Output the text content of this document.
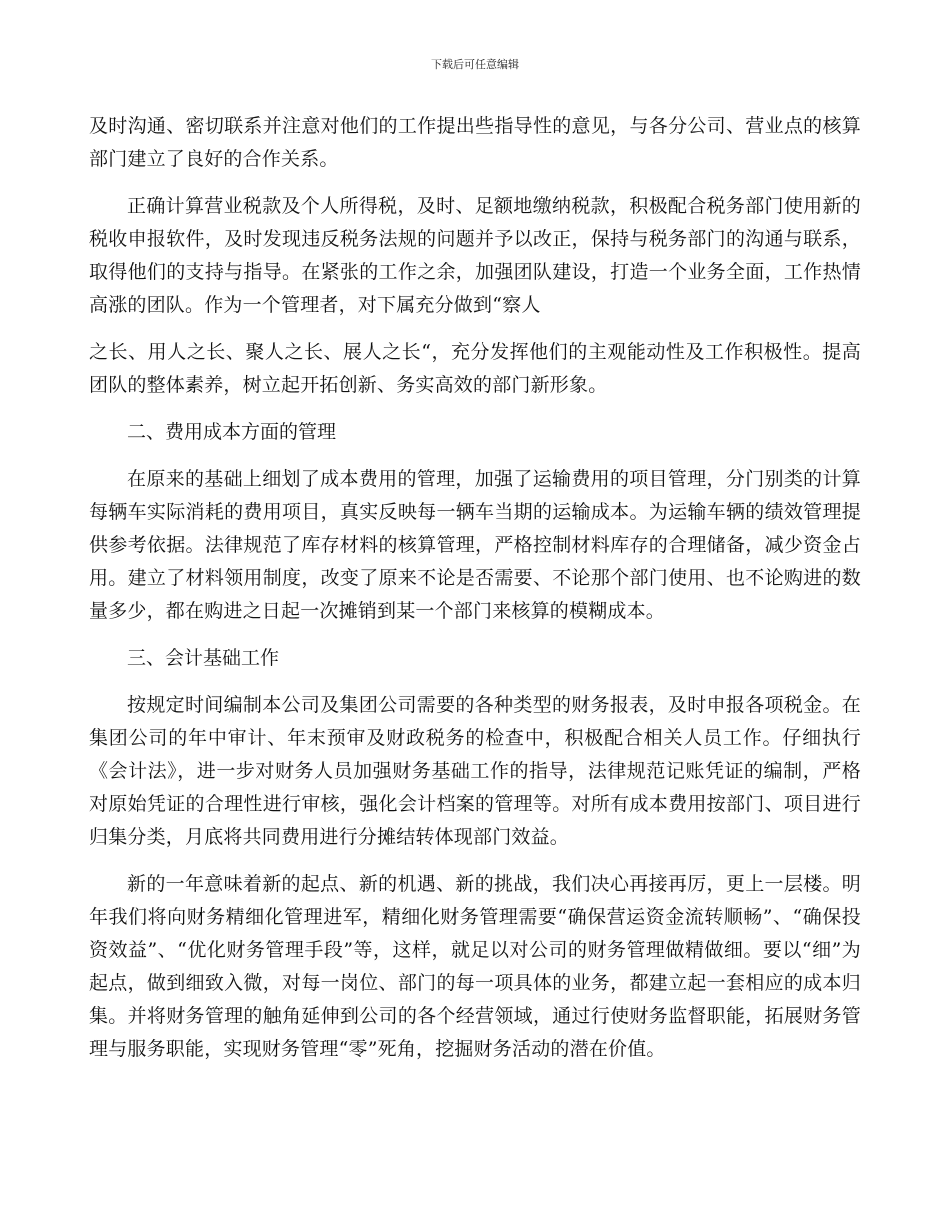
下载后可任意编辑

及时沟通、密切联系并注意对他们的工作提出些指导性的意见，与各分公司、营业点的核算部门建立了良好的合作关系。

正确计算营业税款及个人所得税，及时、足额地缴纳税款，积极配合税务部门使用新的税收申报软件，及时发现违反税务法规的问题并予以改正，保持与税务部门的沟通与联系，取得他们的支持与指导。在紧张的工作之余，加强团队建设，打造一个业务全面，工作热情高涨的团队。作为一个管理者，对下属充分做到“察人

之长、用人之长、聚人之长、展人之长“，充分发挥他们的主观能动性及工作积极性。提高团队的整体素养，树立起开拓创新、务实高效的部门新形象。

二、费用成本方面的管理

在原来的基础上细划了成本费用的管理，加强了运输费用的项目管理，分门别类的计算每辆车实际消耗的费用项目，真实反映每一辆车当期的运输成本。为运输车辆的绩效管理提供参考依据。法律规范了库存材料的核算管理，严格控制材料库存的合理储备，减少资金占用。建立了材料领用制度，改变了原来不论是否需要、不论那个部门使用、也不论购进的数量多少，都在购进之日起一次摊销到某一个部门来核算的模糊成本。

三、会计基础工作

按规定时间编制本公司及集团公司需要的各种类型的财务报表，及时申报各项税金。在集团公司的年中审计、年末预审及财政税务的检查中，积极配合相关人员工作。仔细执行《会计法》，进一步对财务人员加强财务基础工作的指导，法律规范记账凭证的编制，严格对原始凭证的合理性进行审核，强化会计档案的管理等。对所有成本费用按部门、项目进行归集分类，月底将共同费用进行分摊结转体现部门效益。

新的一年意味着新的起点、新的机遇、新的挑战，我们决心再接再厉，更上一层楼。明年我们将向财务精细化管理进军，精细化财务管理需要“确保营运资金流转顺畅”、“确保投资效益”、“优化财务管理手段”等，这样，就足以对公司的财务管理做精做细。要以“细”为起点，做到细致入微，对每一岗位、部门的每一项具体的业务，都建立起一套相应的成本归集。并将财务管理的触角延伸到公司的各个经营领域，通过行使财务监督职能，拓展财务管理与服务职能，实现财务管理“零”死角，挖掘财务活动的潜在价值。
